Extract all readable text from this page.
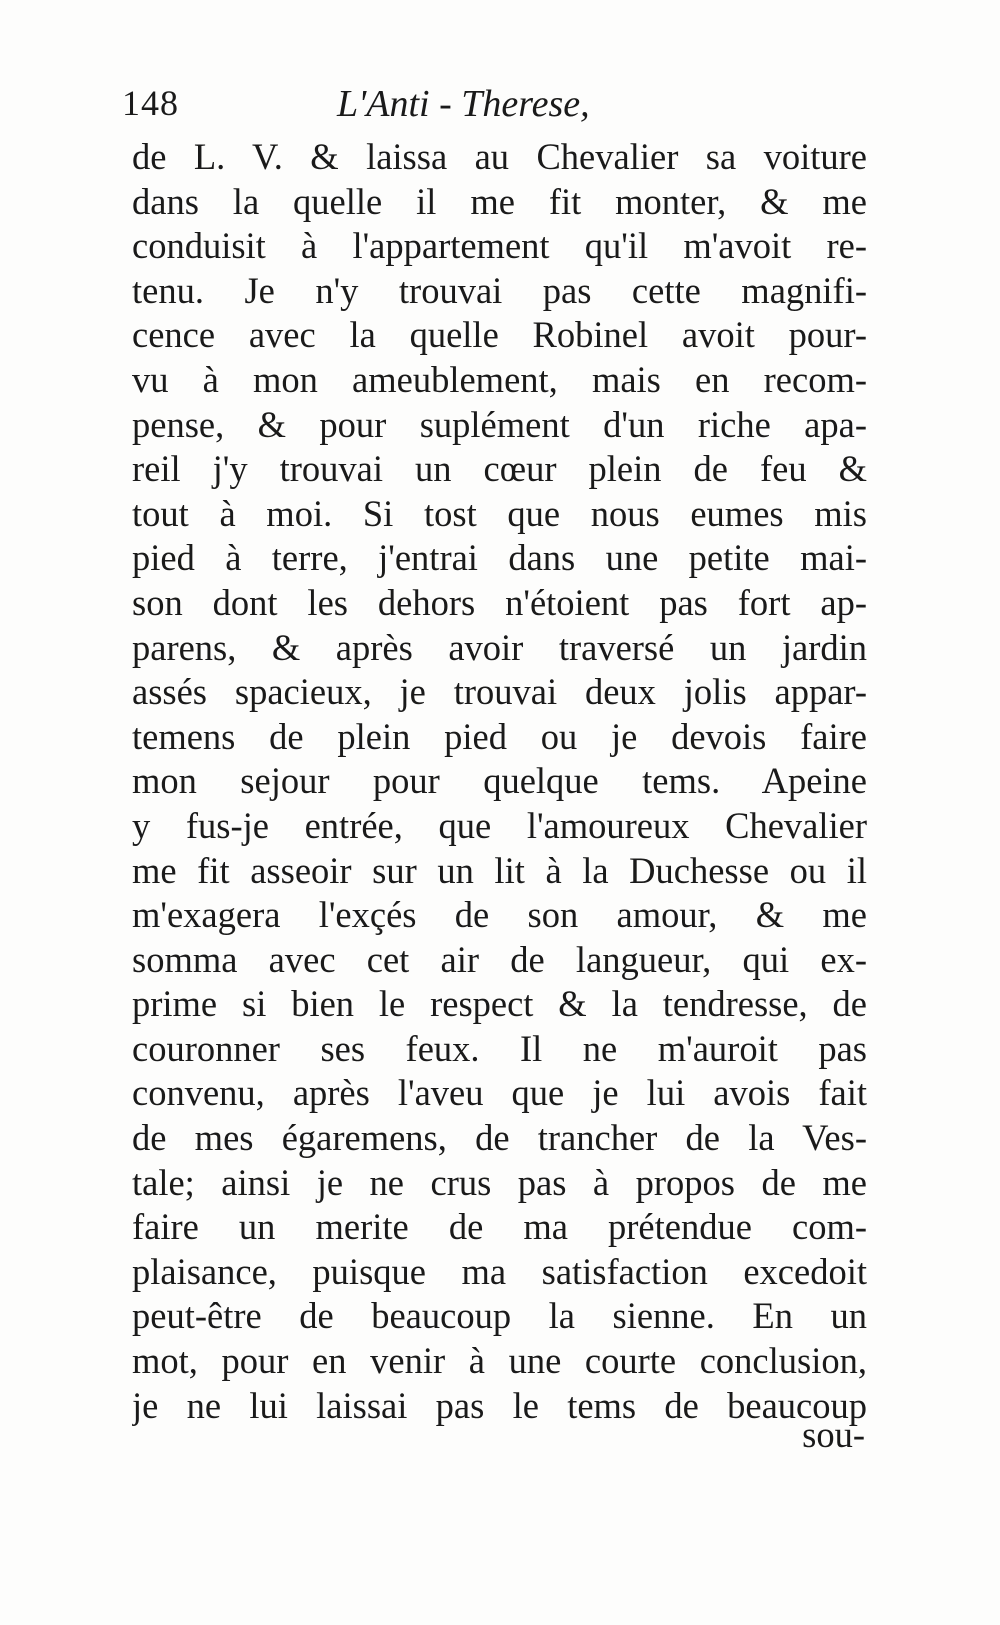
148	L'Anti - Therese,
de L. V. & laissa au Chevalier sa voiture
dans la quelle il me fit monter, & me
conduisit à l'appartement qu'il m'avoit re-
tenu. Je n'y trouvai pas cette magnifi-
cence avec la quelle Robinel avoit pour-
vu à mon ameublement, mais en recom-
pense, & pour suplément d'un riche apa-
reil j'y trouvai un cœur plein de feu &
tout à moi. Si tost que nous eumes mis
pied à terre, j'entrai dans une petite mai-
son dont les dehors n'étoient pas fort ap-
parens, & après avoir traversé un jardin
assés spacieux, je trouvai deux jolis appar-
temens de plein pied ou je devois faire
mon sejour pour quelque tems. Apeine
y fus-je entrée, que l'amoureux Chevalier
me fit asseoir sur un lit à la Duchesse ou il
m'exagera l'exçés de son amour, & me
somma avec cet air de langueur, qui ex-
prime si bien le respect & la tendresse, de
couronner ses feux. Il ne m'auroit pas
convenu, après l'aveu que je lui avois fait
de mes égaremens, de trancher de la Ves-
tale; ainsi je ne crus pas à propos de me
faire un merite de ma prétendue com-
plaisance, puisque ma satisfaction excedoit
peut-être de beaucoup la sienne. En un
mot, pour en venir à une courte conclusion,
je ne lui laissai pas le tems de beaucoup
sou-
